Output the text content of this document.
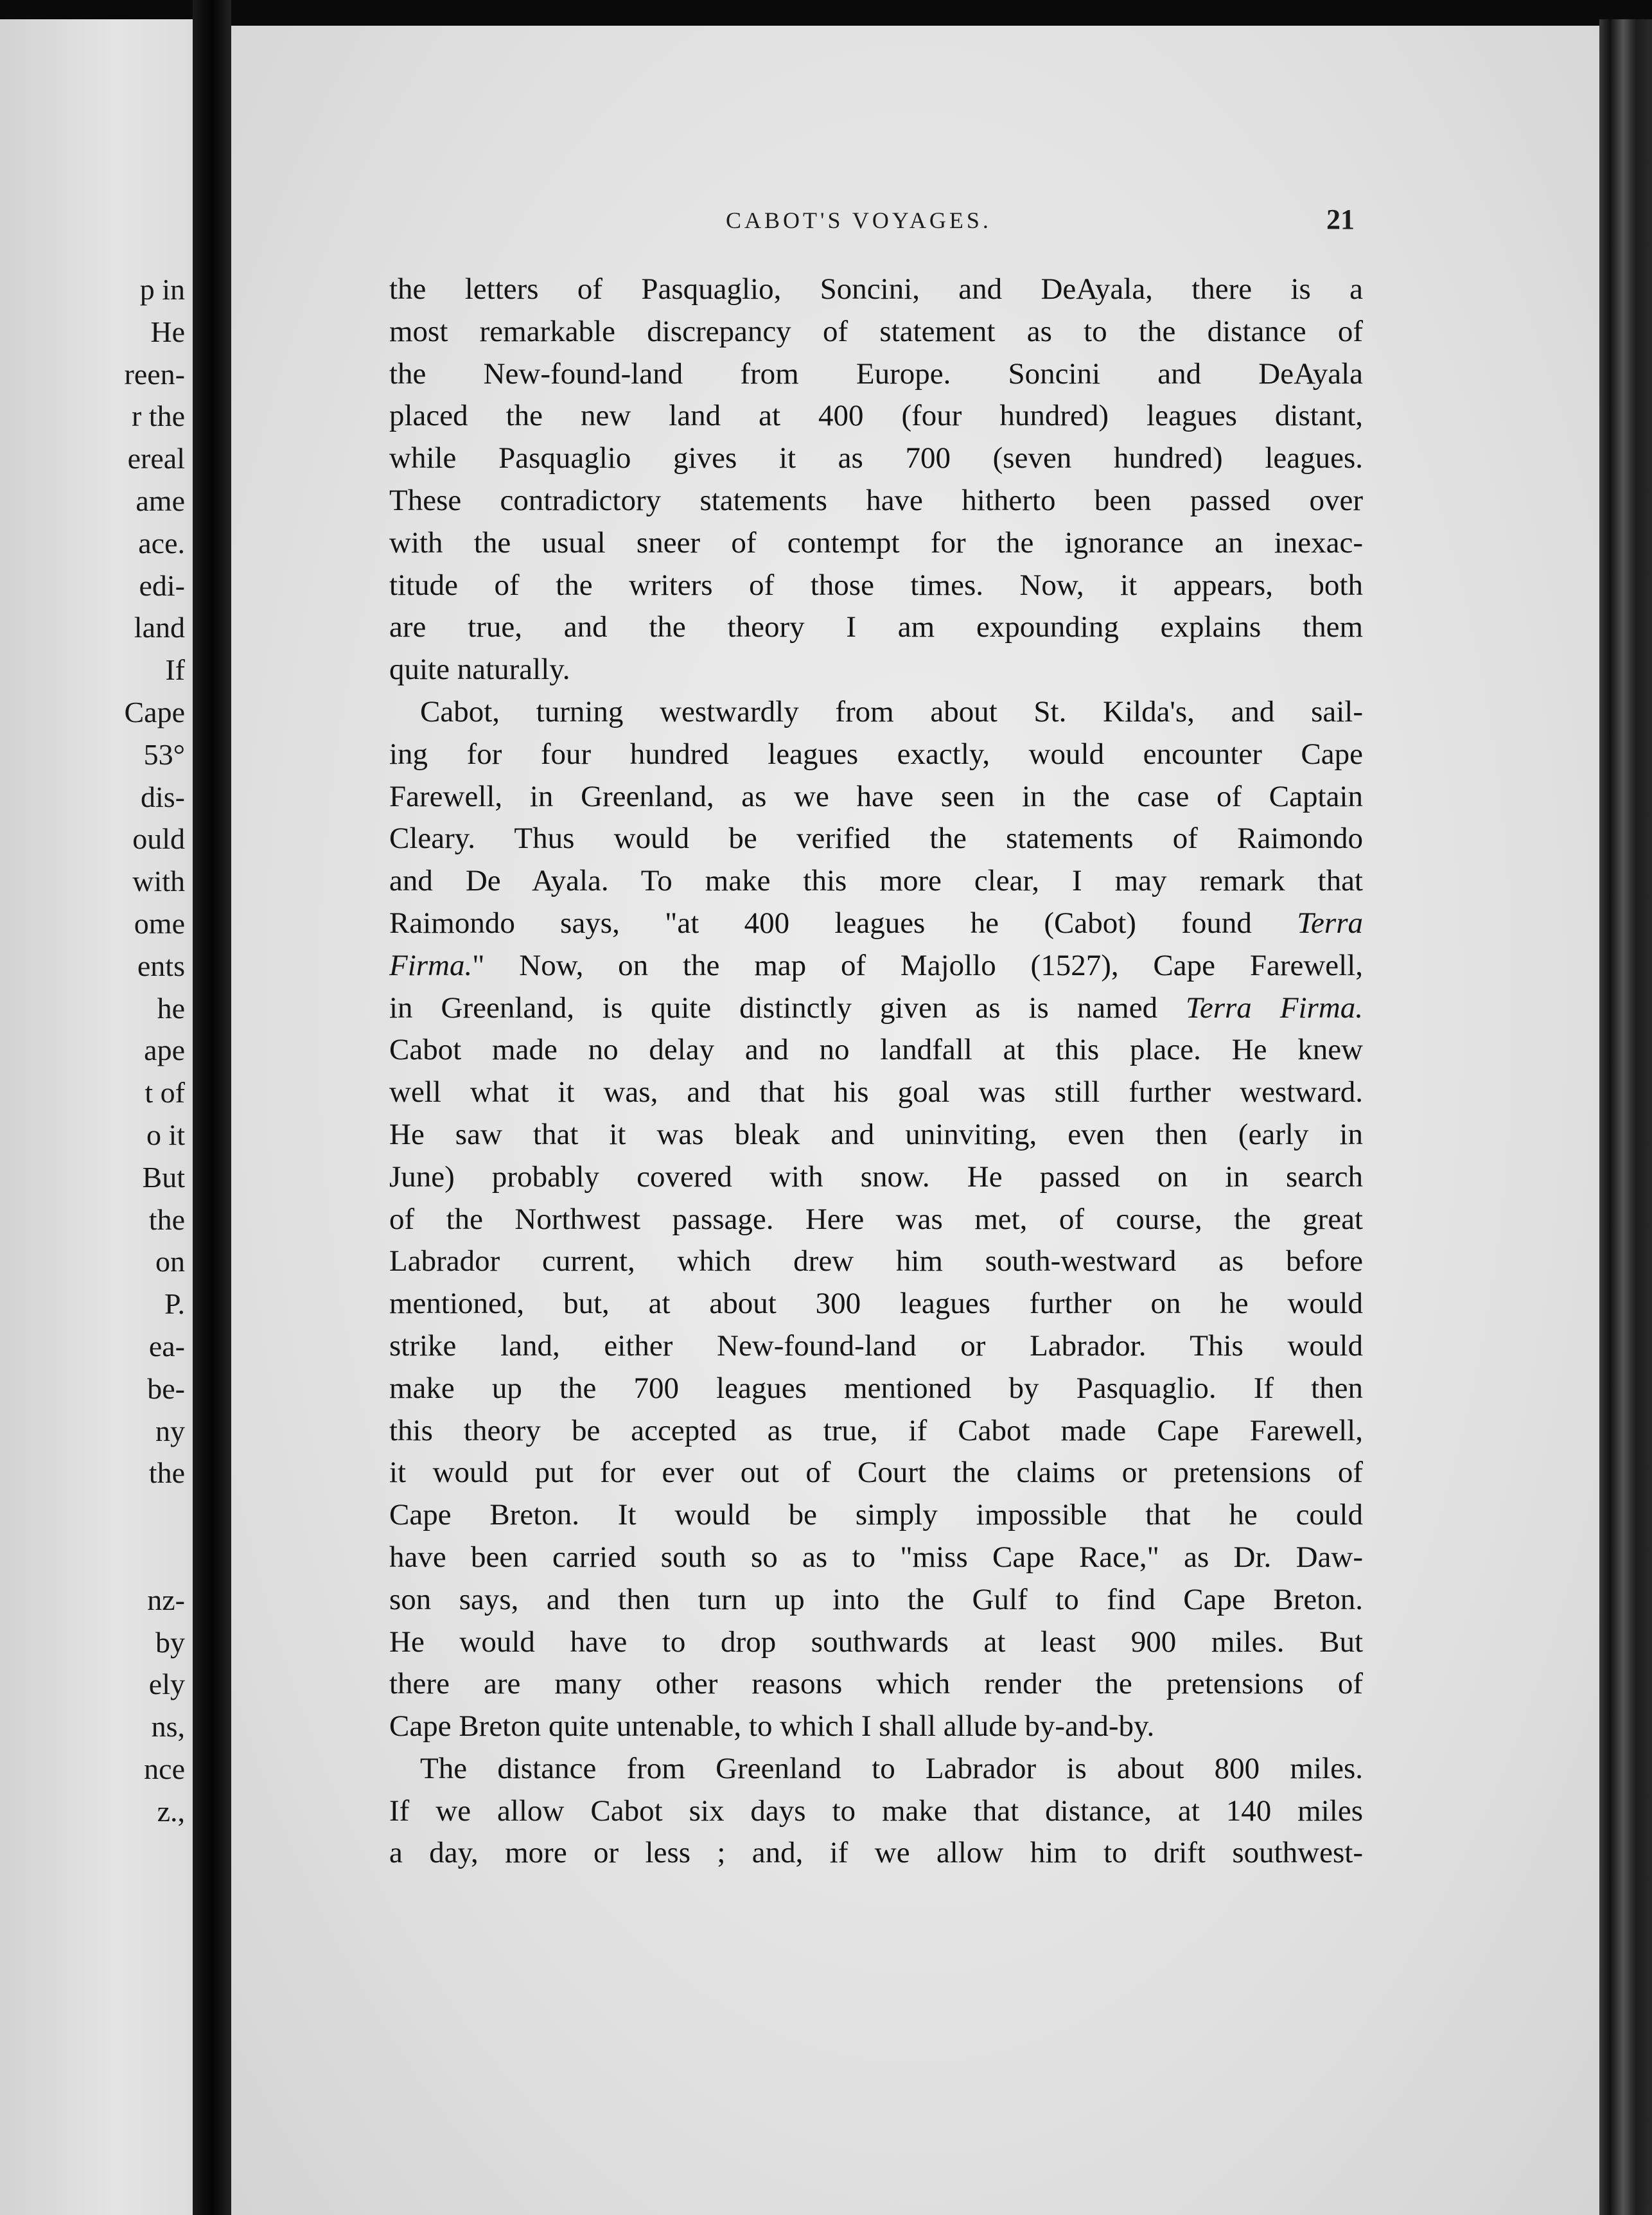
p in
He
reen-
r the
ereal
ame
ace.
edi-
land
If
Cape
53°
dis-
ould
with
ome
ents
he
ape
t of
o it
But
the
on
P.
ea-
be-
ny
the
nz-
by
ely
ns,
nce
z.,
CABOT'S VOYAGES.	21
the letters of Pasquaglio, Soncini, and DeAyala, there is a
most remarkable discrepancy of statement as to the distance of
the New-found-land from Europe. Soncini and DeAyala
placed the new land at 400 (four hundred) leagues distant,
while Pasquaglio gives it as 700 (seven hundred) leagues.
These contradictory statements have hitherto been passed over
with the usual sneer of contempt for the ignorance an inexac-
titude of the writers of those times. Now, it appears, both
are true, and the theory I am expounding explains them
quite naturally.
Cabot, turning westwardly from about St. Kilda's, and sail-
ing for four hundred leagues exactly, would encounter Cape
Farewell, in Greenland, as we have seen in the case of Captain
Cleary. Thus would be verified the statements of Raimondo
and De Ayala. To make this more clear, I may remark that
Raimondo says, "at 400 leagues he (Cabot) found Terra
Firma." Now, on the map of Majollo (1527), Cape Farewell,
in Greenland, is quite distinctly given as is named Terra Firma.
Cabot made no delay and no landfall at this place. He knew
well what it was, and that his goal was still further westward.
He saw that it was bleak and uninviting, even then (early in
June) probably covered with snow. He passed on in search
of the Northwest passage. Here was met, of course, the great
Labrador current, which drew him south-westward as before
mentioned, but, at about 300 leagues further on he would
strike land, either New-found-land or Labrador. This would
make up the 700 leagues mentioned by Pasquaglio. If then
this theory be accepted as true, if Cabot made Cape Farewell,
it would put for ever out of Court the claims or pretensions of
Cape Breton. It would be simply impossible that he could
have been carried south so as to "miss Cape Race," as Dr. Daw-
son says, and then turn up into the Gulf to find Cape Breton.
He would have to drop southwards at least 900 miles. But
there are many other reasons which render the pretensions of
Cape Breton quite untenable, to which I shall allude by-and-by.
The distance from Greenland to Labrador is about 800 miles.
If we allow Cabot six days to make that distance, at 140 miles
a day, more or less ; and, if we allow him to drift southwest-
